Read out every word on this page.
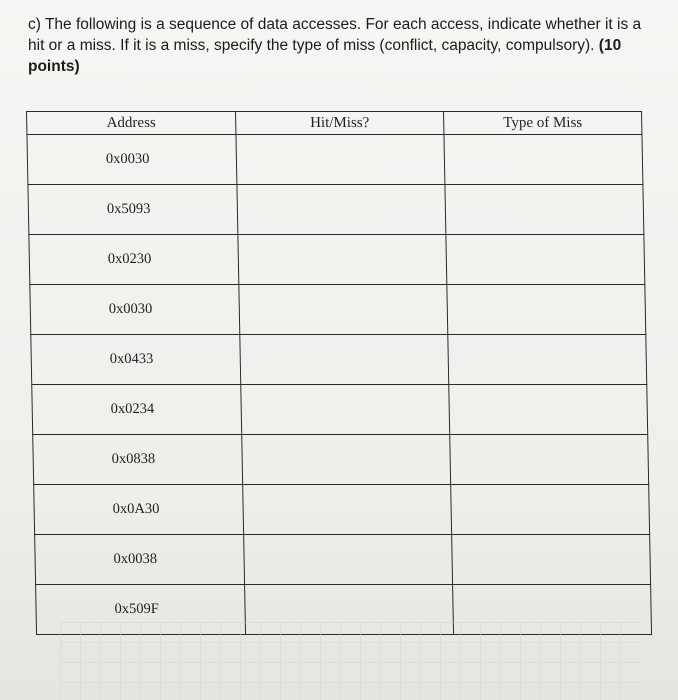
c) The following is a sequence of data accesses. For each access, indicate whether it is a hit or a miss. If it is a miss, specify the type of miss (conflict, capacity, compulsory). (10 points)
Address	Hit/Miss?	Type of Miss
0x0030		
0x5093		
0x0230		
0x0030		
0x0433		
0x0234		
0x0838		
0x0A30		
0x0038		
0x509F		
